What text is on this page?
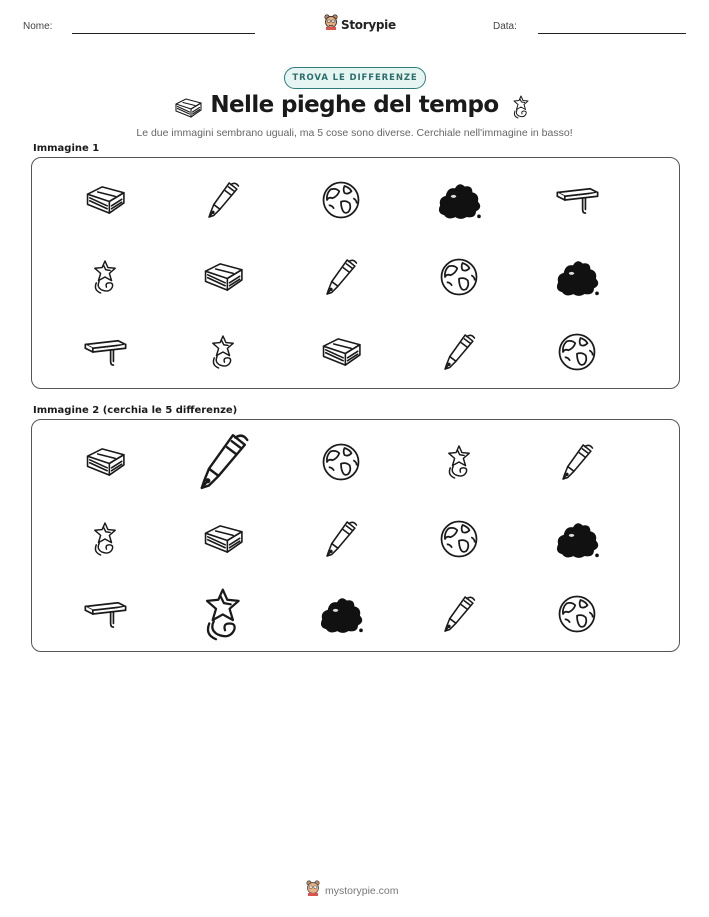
Nome:	Storypie	Data:
TROVA LE DIFFERENZE
Nelle pieghe del tempo
Le due immagini sembrano uguali, ma 5 cose sono diverse. Cerchiale nell'immagine in basso!
Immagine 1
Immagine 2 (cerchia le 5 differenze)
mystorypie.com
